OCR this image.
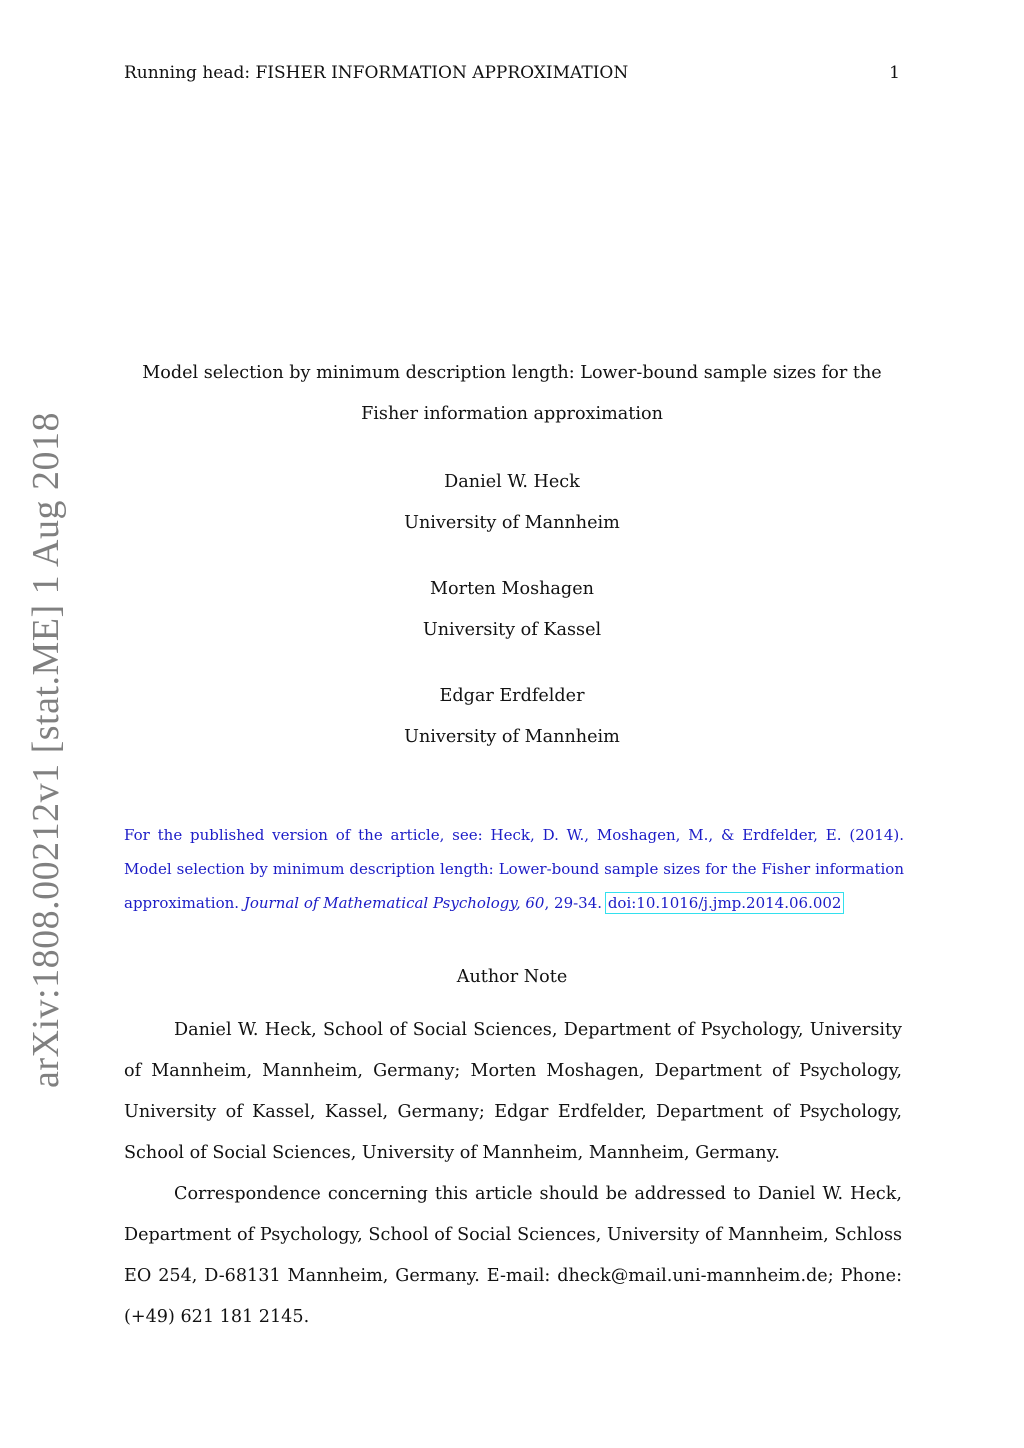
Running head: FISHER INFORMATION APPROXIMATION	1
arXiv:1808.00212v1 [stat.ME] 1 Aug 2018
Model selection by minimum description length: Lower-bound sample sizes for the Fisher information approximation
Daniel W. Heck
University of Mannheim
Morten Moshagen
University of Kassel
Edgar Erdfelder
University of Mannheim
For the published version of the article, see: Heck, D. W., Moshagen, M., & Erdfelder, E. (2014). Model selection by minimum description length: Lower-bound sample sizes for the Fisher information approximation. Journal of Mathematical Psychology, 60, 29-34. doi:10.1016/j.jmp.2014.06.002
Author Note

Daniel W. Heck, School of Social Sciences, Department of Psychology, University of Mannheim, Mannheim, Germany; Morten Moshagen, Department of Psychology, University of Kassel, Kassel, Germany; Edgar Erdfelder, Department of Psychology, School of Social Sciences, University of Mannheim, Mannheim, Germany.

Correspondence concerning this article should be addressed to Daniel W. Heck, Department of Psychology, School of Social Sciences, University of Mannheim, Schloss EO 254, D-68131 Mannheim, Germany. E-mail: dheck@mail.uni-mannheim.de; Phone: (+49) 621 181 2145.
